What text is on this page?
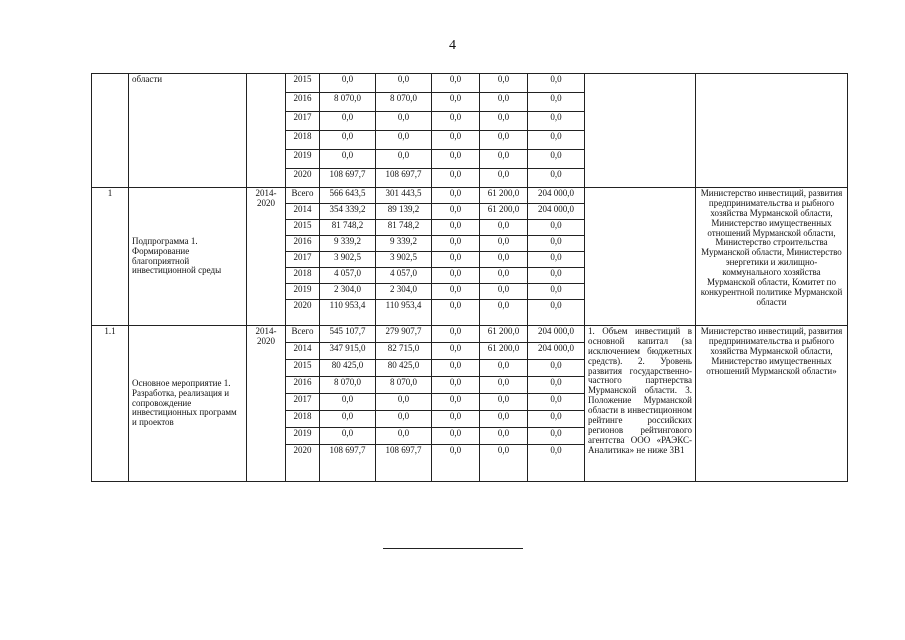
4
	области		2015	0,0	0,0	0,0	0,0	0,0		
			2016	8 070,0	8 070,0	0,0	0,0	0,0		
			2017	0,0	0,0	0,0	0,0	0,0		
			2018	0,0	0,0	0,0	0,0	0,0		
			2019	0,0	0,0	0,0	0,0	0,0		
			2020	108 697,7	108 697,7	0,0	0,0	0,0		
1	Подпрограмма 1. Формирование благоприятной инвестиционной среды	2014-2020	Всего	566 643,5	301 443,5	0,0	61 200,0	204 000,0		Министерство инвестиций, развития предпринимательства и рыбного хозяйства Мурманской области, Министерство имущественных отношений Мурманской области, Министерство строительства Мурманской области, Министерство энергетики и жилищно-коммунального хозяйства Мурманской области, Комитет по конкурентной политике Мурманской области
			2014	354 339,2	89 139,2	0,0	61 200,0	204 000,0		
			2015	81 748,2	81 748,2	0,0	0,0	0,0		
			2016	9 339,2	9 339,2	0,0	0,0	0,0		
			2017	3 902,5	3 902,5	0,0	0,0	0,0		
			2018	4 057,0	4 057,0	0,0	0,0	0,0		
			2019	2 304,0	2 304,0	0,0	0,0	0,0		
			2020	110 953,4	110 953,4	0,0	0,0	0,0		
1.1	Основное мероприятие 1. Разработка, реализация и сопровождение инвестиционных программ и проектов	2014-2020	Всего	545 107,7	279 907,7	0,0	61 200,0	204 000,0	1. Объем инвестиций в основной капитал (за исключением бюджетных средств). 2. Уровень развития государственно-частного партнерства Мурманской области. 3. Положение Мурманской области в инвестиционном рейтинге российских регионов рейтингового агентства ООО «РАЭКС-Аналитика» не ниже 3В1	Министерство инвестиций, развития предпринимательства и рыбного хозяйства Мурманской области, Министерство имущественных отношений Мурманской области»
			2014	347 915,0	82 715,0	0,0	61 200,0	204 000,0		
			2015	80 425,0	80 425,0	0,0	0,0	0,0		
			2016	8 070,0	8 070,0	0,0	0,0	0,0		
			2017	0,0	0,0	0,0	0,0	0,0		
			2018	0,0	0,0	0,0	0,0	0,0		
			2019	0,0	0,0	0,0	0,0	0,0		
			2020	108 697,7	108 697,7	0,0	0,0	0,0		
